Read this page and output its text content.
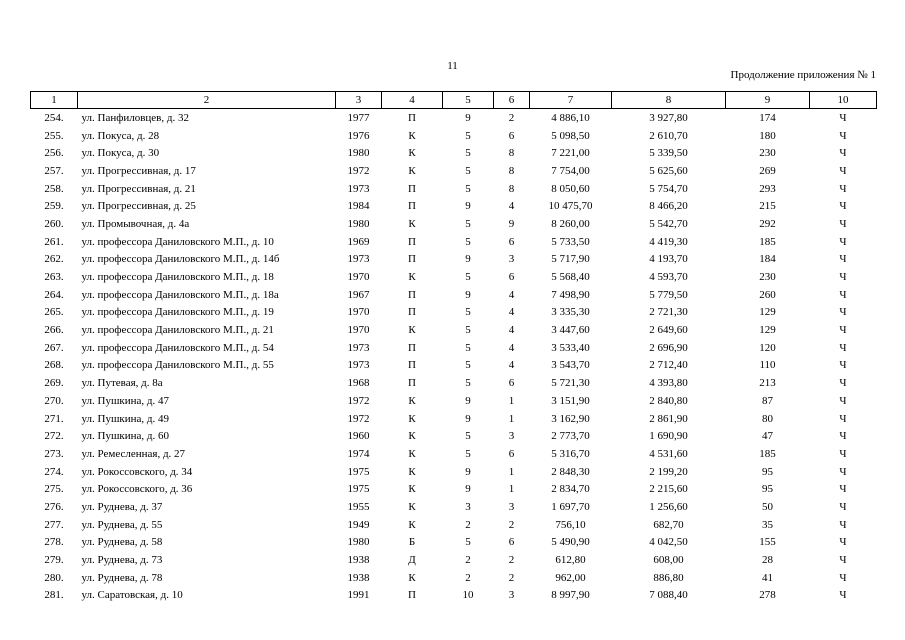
11
Продолжение приложения № 1
1	2	3	4	5	6	7	8	9	10
254.	ул. Панфиловцев, д. 32	1977	П	9	2	4 886,10	3 927,80	174	Ч
255.	ул. Покуса, д. 28	1976	К	5	6	5 098,50	2 610,70	180	Ч
256.	ул. Покуса, д. 30	1980	К	5	8	7 221,00	5 339,50	230	Ч
257.	ул. Прогрессивная, д. 17	1972	К	5	8	7 754,00	5 625,60	269	Ч
258.	ул. Прогрессивная, д. 21	1973	П	5	8	8 050,60	5 754,70	293	Ч
259.	ул. Прогрессивная, д. 25	1984	П	9	4	10 475,70	8 466,20	215	Ч
260.	ул. Промывочная, д. 4а	1980	К	5	9	8 260,00	5 542,70	292	Ч
261.	ул. профессора Даниловского М.П., д. 10	1969	П	5	6	5 733,50	4 419,30	185	Ч
262.	ул. профессора Даниловского М.П., д. 14б	1973	П	9	3	5 717,90	4 193,70	184	Ч
263.	ул. профессора Даниловского М.П., д. 18	1970	К	5	6	5 568,40	4 593,70	230	Ч
264.	ул. профессора Даниловского М.П., д. 18а	1967	П	9	4	7 498,90	5 779,50	260	Ч
265.	ул. профессора Даниловского М.П., д. 19	1970	П	5	4	3 335,30	2 721,30	129	Ч
266.	ул. профессора Даниловского М.П., д. 21	1970	К	5	4	3 447,60	2 649,60	129	Ч
267.	ул. профессора Даниловского М.П., д. 54	1973	П	5	4	3 533,40	2 696,90	120	Ч
268.	ул. профессора Даниловского М.П., д. 55	1973	П	5	4	3 543,70	2 712,40	110	Ч
269.	ул. Путевая, д. 8а	1968	П	5	6	5 721,30	4 393,80	213	Ч
270.	ул. Пушкина, д. 47	1972	К	9	1	3 151,90	2 840,80	87	Ч
271.	ул. Пушкина, д. 49	1972	К	9	1	3 162,90	2 861,90	80	Ч
272.	ул. Пушкина, д. 60	1960	К	5	3	2 773,70	1 690,90	47	Ч
273.	ул. Ремесленная, д. 27	1974	К	5	6	5 316,70	4 531,60	185	Ч
274.	ул. Рокоссовского, д. 34	1975	К	9	1	2 848,30	2 199,20	95	Ч
275.	ул. Рокоссовского, д. 36	1975	К	9	1	2 834,70	2 215,60	95	Ч
276.	ул. Руднева, д. 37	1955	К	3	3	1 697,70	1 256,60	50	Ч
277.	ул. Руднева, д. 55	1949	К	2	2	756,10	682,70	35	Ч
278.	ул. Руднева, д. 58	1980	Б	5	6	5 490,90	4 042,50	155	Ч
279.	ул. Руднева, д. 73	1938	Д	2	2	612,80	608,00	28	Ч
280.	ул. Руднева, д. 78	1938	К	2	2	962,00	886,80	41	Ч
281.	ул. Саратовская, д. 10	1991	П	10	3	8 997,90	7 088,40	278	Ч
